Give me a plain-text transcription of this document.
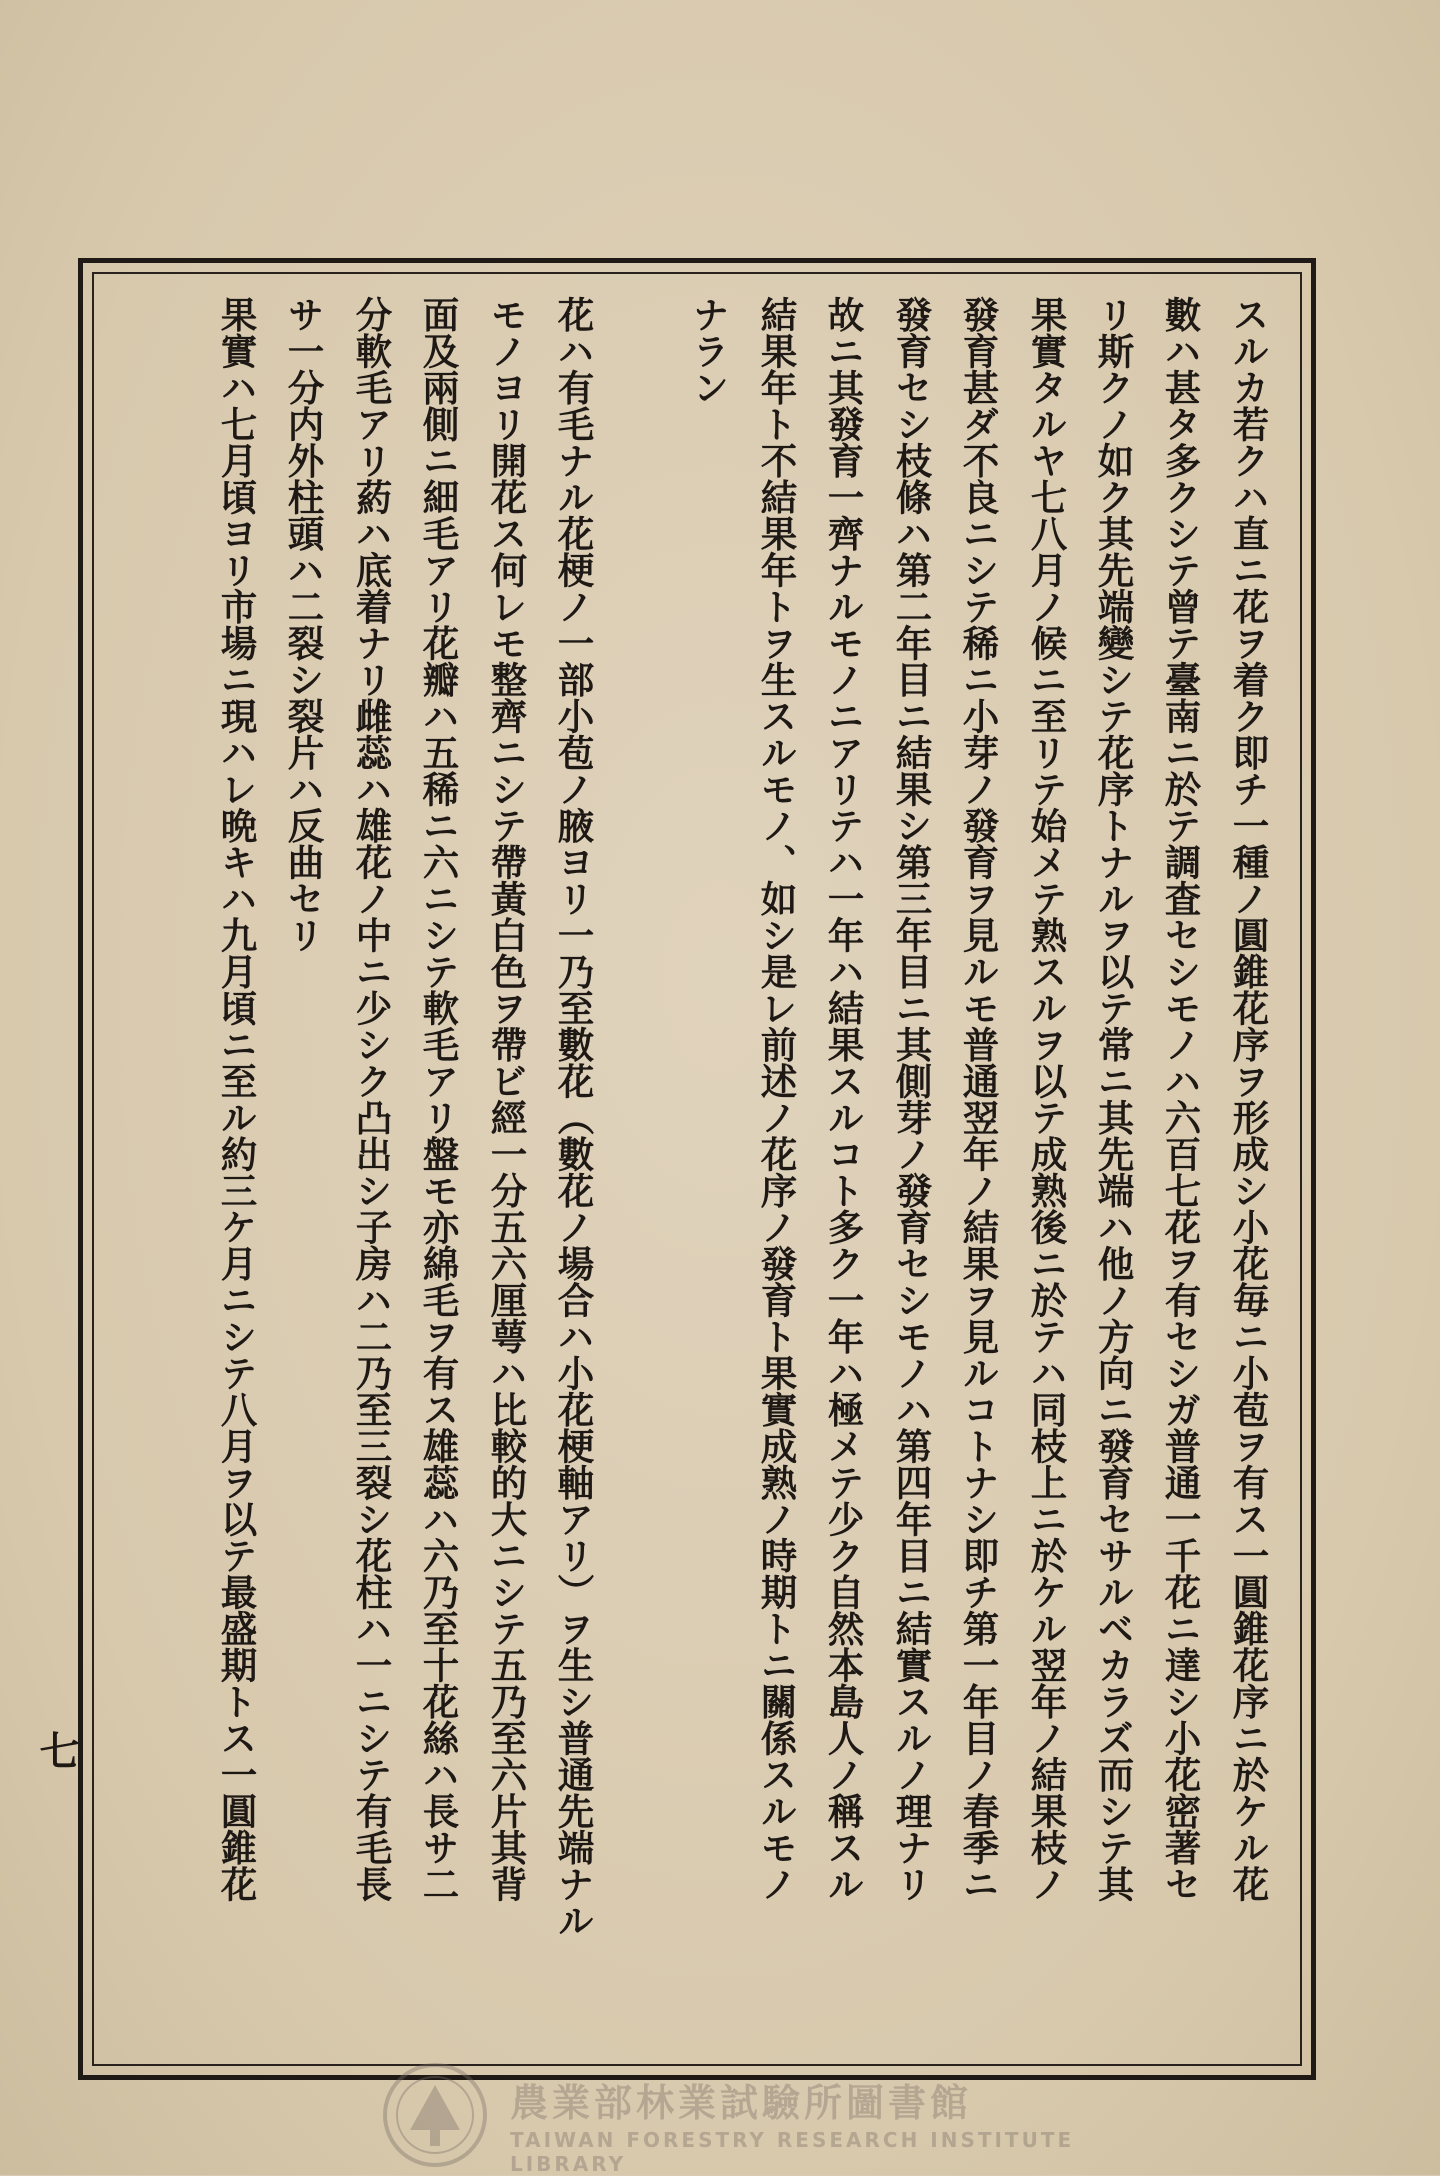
スルカ若クハ直ニ花ヲ着ク即チ一種ノ圓錐花序ヲ形成シ小花毎ニ小苞ヲ有ス一圓錐花序ニ於ケル花
數ハ甚タ多クシテ曾テ臺南ニ於テ調査セシモノハ六百七花ヲ有セシガ普通一千花ニ達シ小花密著セ
リ斯クノ如ク其先端變シテ花序トナルヲ以テ常ニ其先端ハ他ノ方向ニ發育セサルベカラズ而シテ其
果實タルヤ七八月ノ候ニ至リテ始メテ熟スルヲ以テ成熟後ニ於テハ同枝上ニ於ケル翌年ノ結果枝ノ
發育甚ダ不良ニシテ稀ニ小芽ノ發育ヲ見ルモ普通翌年ノ結果ヲ見ルコトナシ即チ第一年目ノ春季ニ
發育セシ枝條ハ第二年目ニ結果シ第三年目ニ其側芽ノ發育セシモノハ第四年目ニ結實スルノ理ナリ
故ニ其發育一齊ナルモノニアリテハ一年ハ結果スルコト多ク一年ハ極メテ少ク自然本島人ノ稱スル
結果年ト不結果年トヲ生スルモノ、如シ是レ前述ノ花序ノ發育ト果實成熟ノ時期トニ關係スルモノ
ナラン
花ハ有毛ナル花梗ノ一部小苞ノ腋ヨリ一乃至數花（數花ノ場合ハ小花梗軸アリ）ヲ生シ普通先端ナル
モノヨリ開花ス何レモ整齊ニシテ帶黃白色ヲ帶ビ經一分五六厘萼ハ比較的大ニシテ五乃至六片其背
面及兩側ニ細毛アリ花瓣ハ五稀ニ六ニシテ軟毛アリ盤モ亦綿毛ヲ有ス雄蕊ハ六乃至十花絲ハ長サ二
分軟毛アリ葯ハ底着ナリ雌蕊ハ雄花ノ中ニ少シク凸出シ子房ハ二乃至三裂シ花柱ハ一ニシテ有毛長
サ一分内外柱頭ハ二裂シ裂片ハ反曲セリ
果實ハ七月頃ヨリ市場ニ現ハレ晩キハ九月頃ニ至ル約三ケ月ニシテ八月ヲ以テ最盛期トス一圓錐花
七
農業部林業試驗所圖書館
TAIWAN FORESTRY RESEARCH INSTITUTE LIBRARY
